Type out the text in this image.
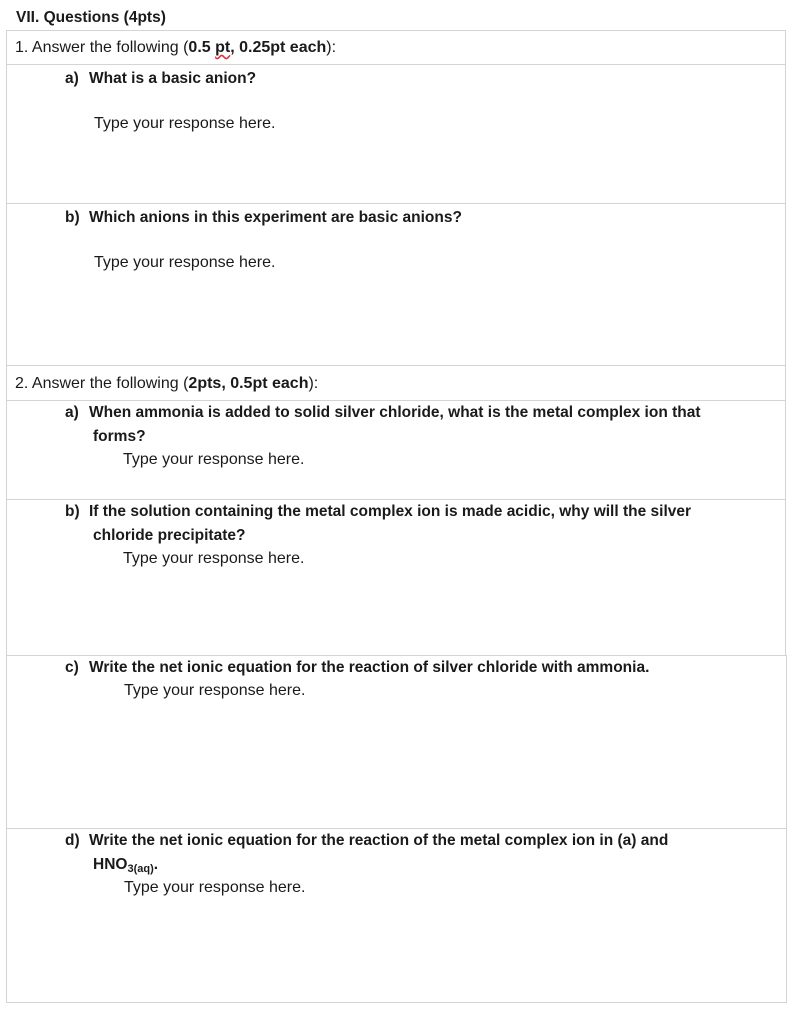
VII. Questions (4pts)
1. Answer the following (0.5 pt, 0.25pt each):
a) What is a basic anion?
Type your response here.
b) Which anions in this experiment are basic anions?
Type your response here.
2. Answer the following (2pts, 0.5pt each):
a) When ammonia is added to solid silver chloride, what is the metal complex ion that
forms?
Type your response here.
b) If the solution containing the metal complex ion is made acidic, why will the silver
chloride precipitate?
Type your response here.
c) Write the net ionic equation for the reaction of silver chloride with ammonia.
Type your response here.
d) Write the net ionic equation for the reaction of the metal complex ion in (a) and
$HNO_{3(aq)}$.
Type your response here.
